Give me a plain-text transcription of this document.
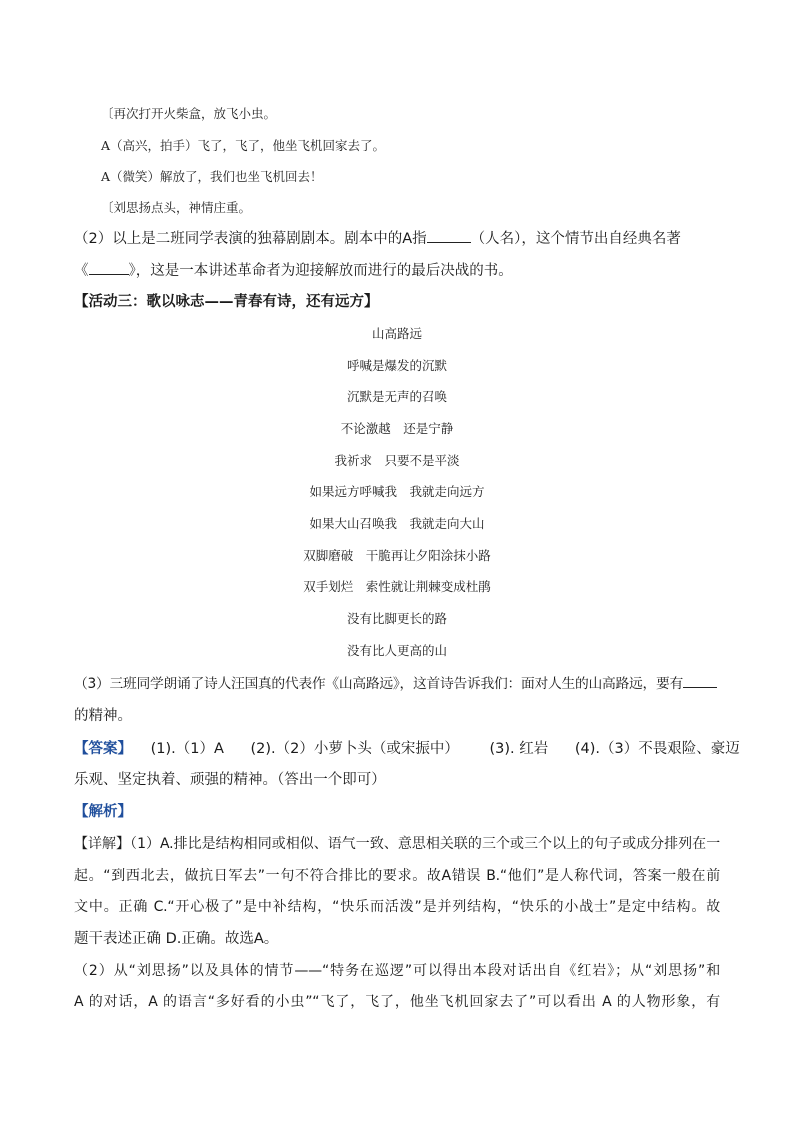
〔再次打开火柴盒，放飞小虫。
A（高兴，拍手）飞了，飞了，他坐飞机回家去了。
A（微笑）解放了，我们也坐飞机回去！
〔刘思扬点头，神情庄重。
（2）以上是二班同学表演的独幕剧剧本。剧本中的A指	（人名），这个情节出自经典名著
《	》，这是一本讲述革命者为迎接解放而进行的最后决战的书。
【活动三：歌以咏志——青春有诗，还有远方】
山高路远
呼喊是爆发的沉默
沉默是无声的召唤
不论激越　还是宁静
我祈求　只要不是平淡
如果远方呼喊我　我就走向远方
如果大山召唤我　我就走向大山
双脚磨破　干脆再让夕阳涂抹小路
双手划烂　索性就让荆棘变成杜鹃
没有比脚更长的路
没有比人更高的山
（3）三班同学朗诵了诗人汪国真的代表作《山高路远》，这首诗告诉我们：面对人生的山高路远，要有
的精神。
【答案】 (1).（1）A (2).（2）小萝卜头（或宋振中） (3). 红岩 (4).（3）不畏艰险、豪迈
乐观、坚定执着、顽强的精神。（答出一个即可）
【解析】
【详解】（1）A.排比是结构相同或相似、语气一致、意思相关联的三个或三个以上的句子或成分排列在一
起。“到西北去，做抗日军去”一句不符合排比的要求。故A错误 B.“他们”是人称代词，答案一般在前
文中。正确 C.“开心极了”是中补结构，“快乐而活泼”是并列结构，“快乐的小战士”是定中结构。故
题干表述正确 D.正确。故选A。
（2）从“刘思扬”以及具体的情节——“特务在巡逻”可以得出本段对话出自《红岩》；从“刘思扬”和
A 的对话，A 的语言“多好看的小虫”“飞了，飞了，他坐飞机回家去了”可以看出 A 的人物形象，有
